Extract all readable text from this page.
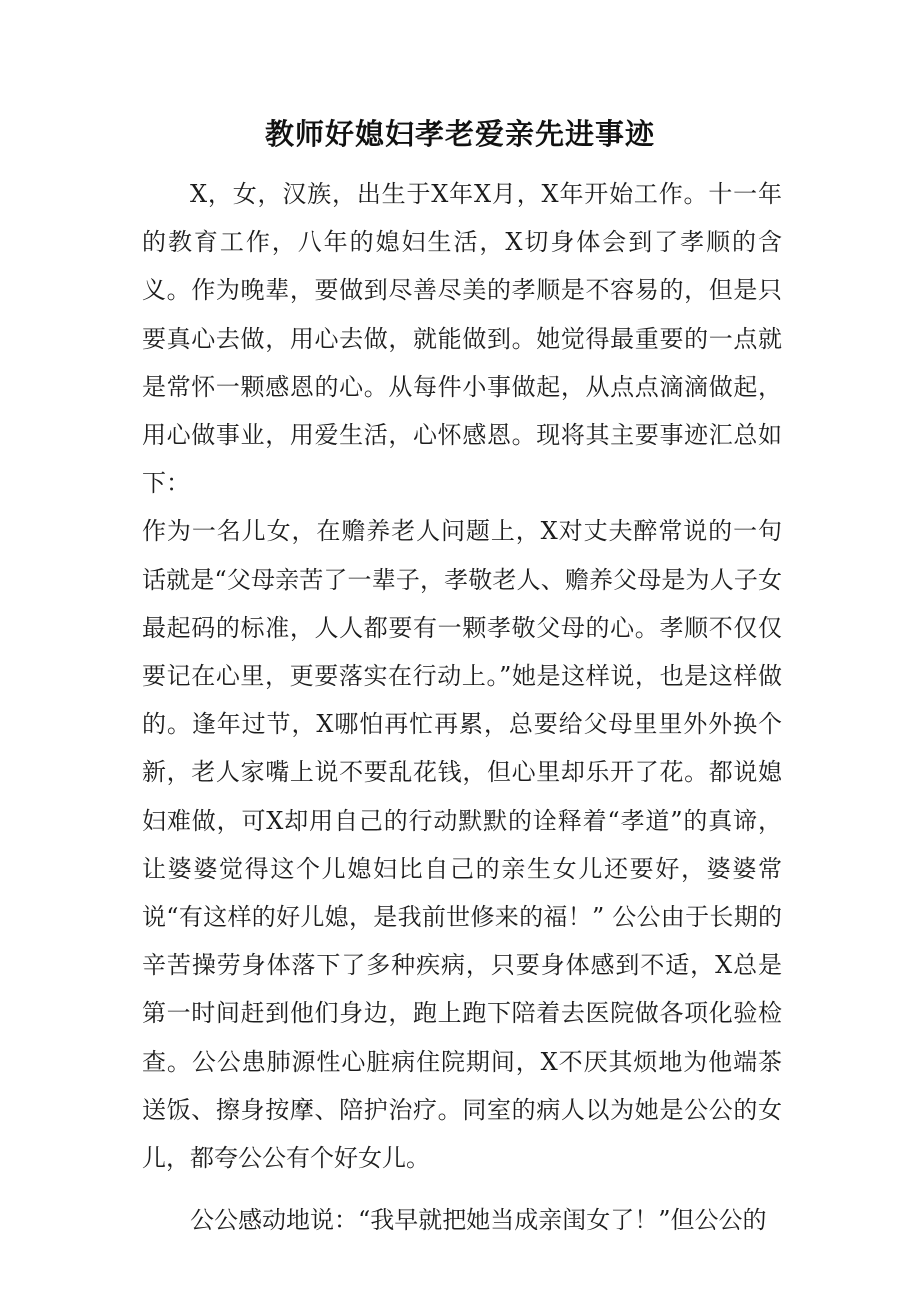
教师好媳妇孝老爱亲先进事迹

X，女，汉族，出生于X年X月，X年开始工作。十一年的教育工作，八年的媳妇生活，X切身体会到了孝顺的含义。作为晚辈，要做到尽善尽美的孝顺是不容易的，但是只要真心去做，用心去做，就能做到。她觉得最重要的一点就是常怀一颗感恩的心。从每件小事做起，从点点滴滴做起，用心做事业，用爱生活，心怀感恩。现将其主要事迹汇总如下：

作为一名儿女，在赡养老人问题上，X对丈夫醉常说的一句话就是“父母亲苦了一辈子，孝敬老人、赡养父母是为人子女最起码的标准，人人都要有一颗孝敬父母的心。孝顺不仅仅要记在心里，更要落实在行动上。”她是这样说，也是这样做的。逢年过节，X哪怕再忙再累，总要给父母里里外外换个新，老人家嘴上说不要乱花钱，但心里却乐开了花。都说媳妇难做，可X却用自己的行动默默的诠释着“孝道”的真谛，让婆婆觉得这个儿媳妇比自己的亲生女儿还要好，婆婆常说“有这样的好儿媳，是我前世修来的福！” 公公由于长期的辛苦操劳身体落下了多种疾病，只要身体感到不适，X总是第一时间赶到他们身边，跑上跑下陪着去医院做各项化验检查。公公患肺源性心脏病住院期间，X不厌其烦地为他端茶送饭、擦身按摩、陪护治疗。同室的病人以为她是公公的女儿，都夸公公有个好女儿。

公公感动地说：“我早就把她当成亲闺女了！”但公公的
